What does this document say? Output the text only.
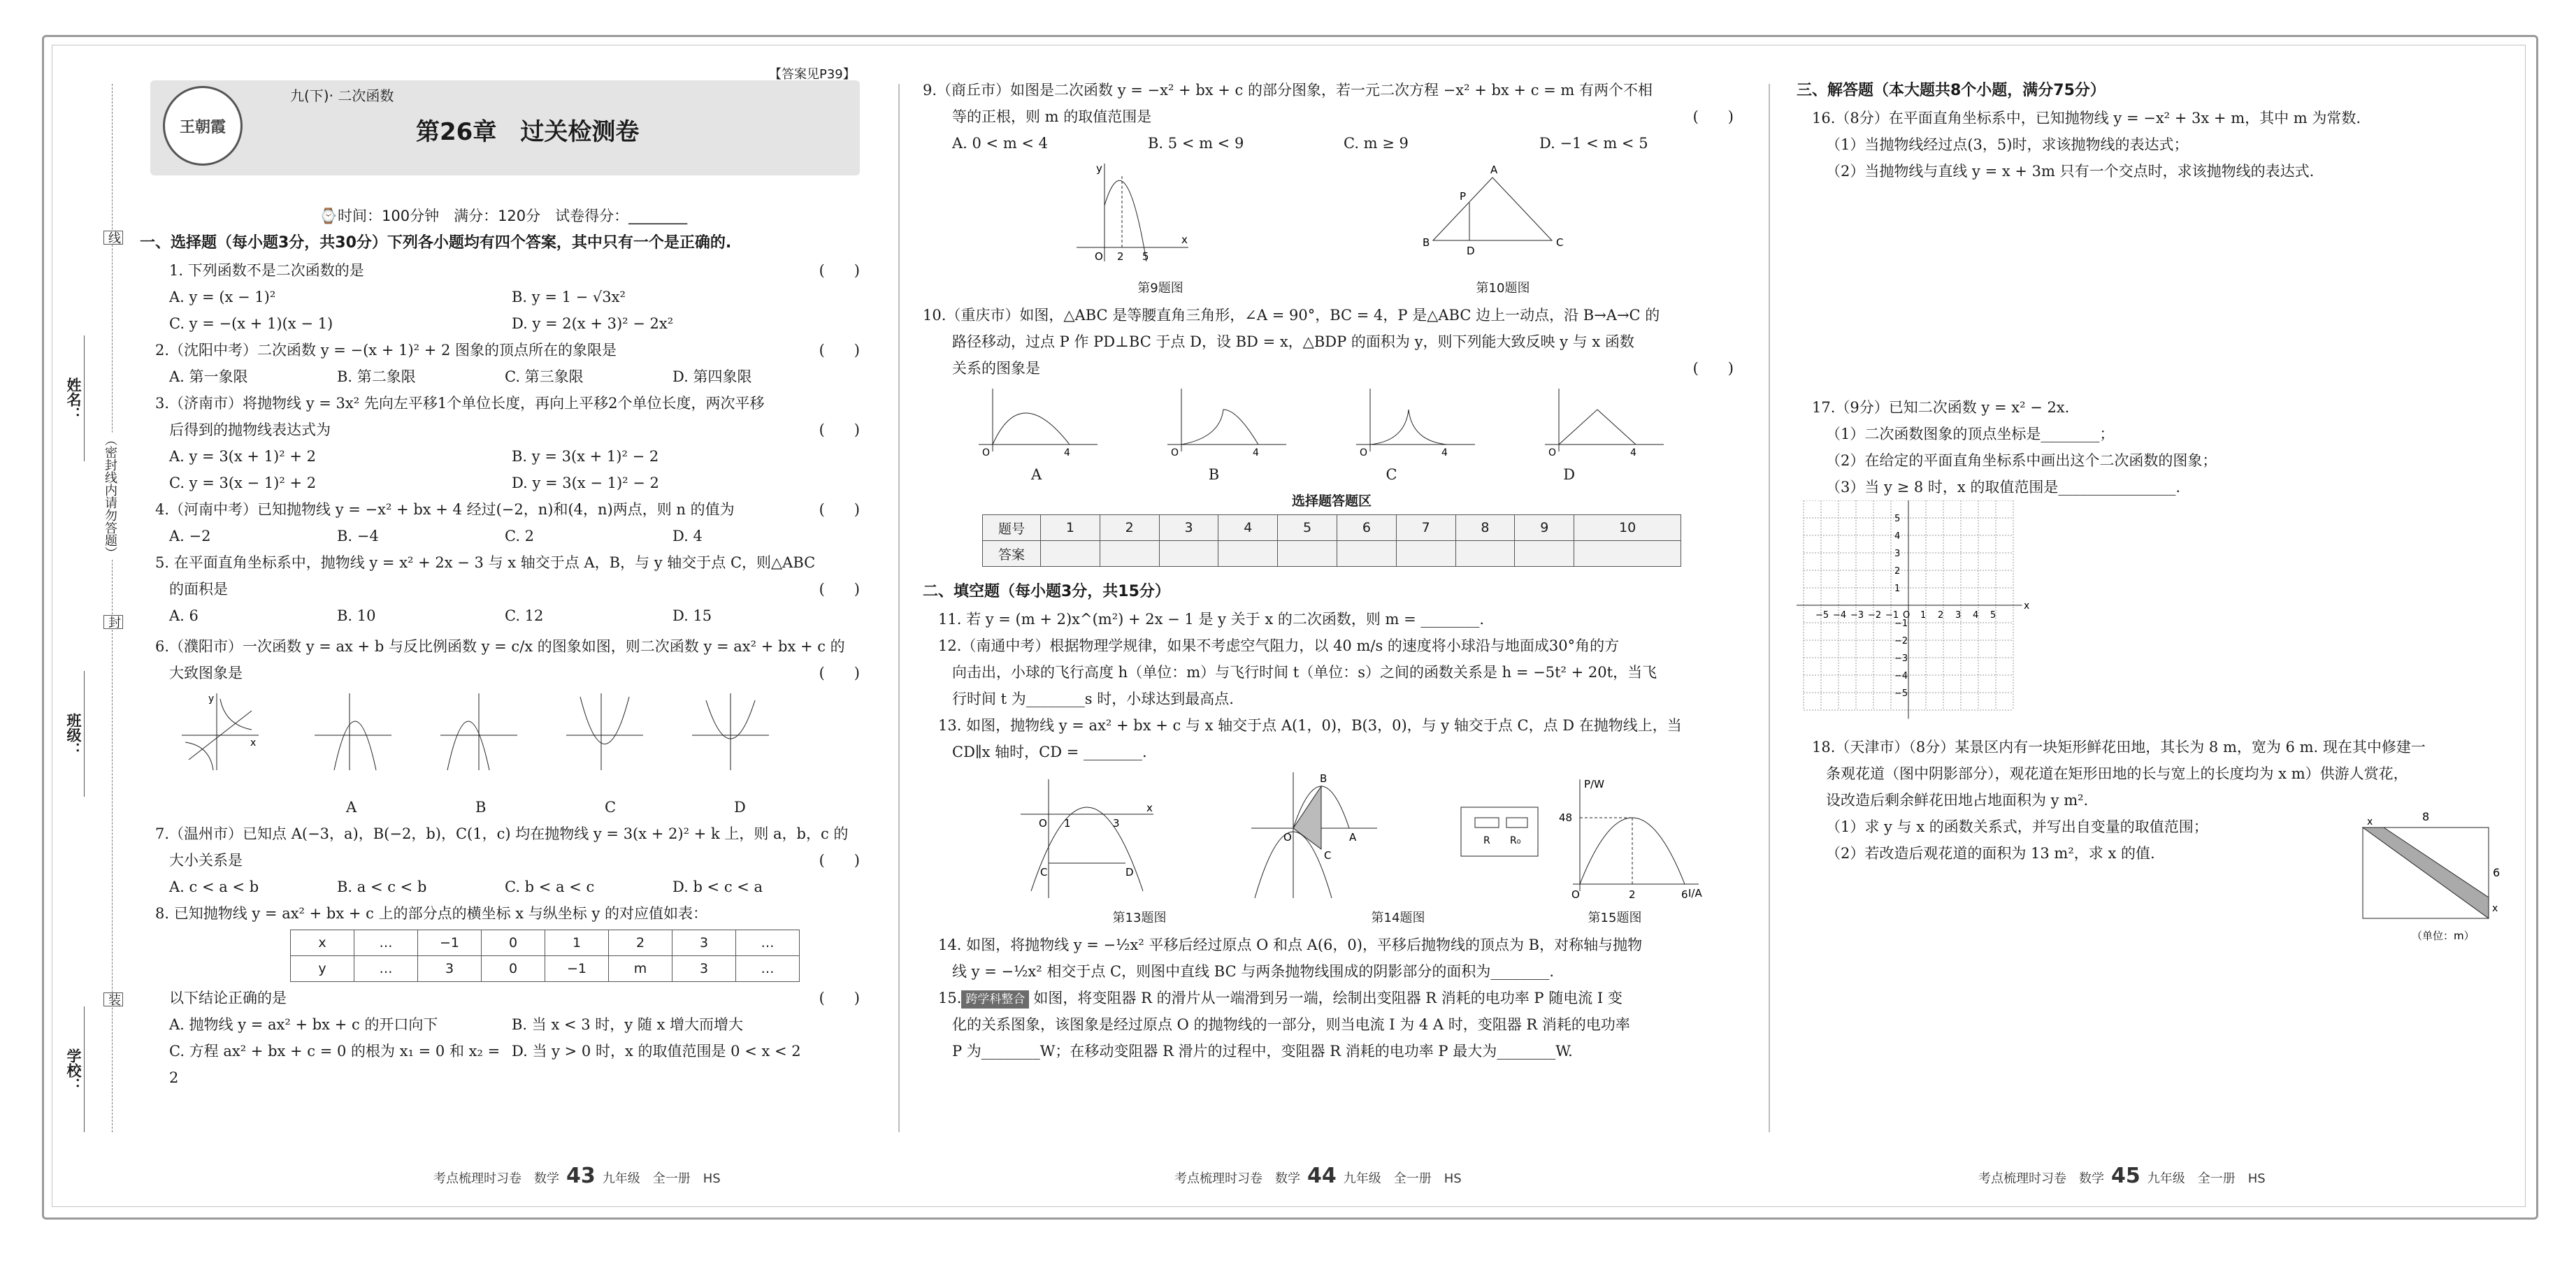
姓名：
班级：
学校：
线
封
装
（密封线内请勿答题）
王朝霞
九(下)· 二次函数
第26章　过关检测卷
【答案见P39】
⌚时间：100分钟　满分：120分　试卷得分：________
一、选择题（每小题3分，共30分）下列各小题均有四个答案，其中只有一个是正确的.
1. 下列函数不是二次函数的是	(　　)
A. y = (x − 1)²	B. y = 1 − √3x²
C. y = −(x + 1)(x − 1)	D. y = 2(x + 3)² − 2x²
2.（沈阳中考）二次函数 y = −(x + 1)² + 2 图象的顶点所在的象限是	(　　)
A. 第一象限	B. 第二象限	C. 第三象限	D. 第四象限
3.（济南市）将抛物线 y = 3x² 先向左平移1个单位长度，再向上平移2个单位长度，两次平移
后得到的抛物线表达式为	(　　)
A. y = 3(x + 1)² + 2	B. y = 3(x + 1)² − 2
C. y = 3(x − 1)² + 2	D. y = 3(x − 1)² − 2
4.（河南中考）已知抛物线 y = −x² + bx + 4 经过(−2，n)和(4，n)两点，则 n 的值为	(　　)
A. −2	B. −4	C. 2	D. 4
5. 在平面直角坐标系中，抛物线 y = x² + 2x − 3 与 x 轴交于点 A，B，与 y 轴交于点 C，则△ABC
的面积是	(　　)
A. 6	B. 10	C. 12	D. 15
6.（濮阳市）一次函数 y = ax + b 与反比例函数 y = c/x 的图象如图，则二次函数 y = ax² + bx + c 的
大致图象是	(　　)
x
y
A	B	C	D
7.（温州市）已知点 A(−3，a)，B(−2，b)，C(1，c) 均在抛物线 y = 3(x + 2)² + k 上，则 a，b，c 的
大小关系是	(　　)
A. c < a < b	B. a < c < b	C. b < a < c	D. b < c < a
8. 已知抛物线 y = ax² + bx + c 上的部分点的横坐标 x 与纵坐标 y 的对应值如表：
x	…	−1	0	1	2	3	…
y	…	3	0	−1	m	3	…
以下结论正确的是	(　　)
A. 抛物线 y = ax² + bx + c 的开口向下	B. 当 x < 3 时，y 随 x 增大而增大
C. 方程 ax² + bx + c = 0 的根为 x₁ = 0 和 x₂ = 2
D. 当 y > 0 时，x 的取值范围是 0 < x < 2
考点梳理时习卷　数学 43 九年级　全一册　HS
9.（商丘市）如图是二次函数 y = −x² + bx + c 的部分图象，若一元二次方程 −x² + bx + c = m 有两个不相
等的正根，则 m 的取值范围是	(　　)
A. 0 < m < 4	B. 5 < m < 9	C. m ≥ 9	D. −1 < m < 5
O 2 5
x
y
B
A
C
P
D
第9题图	第10题图
10.（重庆市）如图，△ABC 是等腰直角三角形，∠A = 90°，BC = 4，P 是△ABC 边上一动点，沿 B→A→C 的
路径移动，过点 P 作 PD⊥BC 于点 D，设 BD = x，△BDP 的面积为 y，则下列能大致反映 y 与 x 函数
关系的图象是	(　　)
O	4	O	4	O	4	O	4
A	B	C	D
选择题答题区
题号	1	2	3	4	5	6	7	8	9	10
答案										
二、填空题（每小题3分，共15分）
11. 若 y = (m + 2)x^(m²) + 2x − 1 是 y 关于 x 的二次函数，则 m = ________.
12.（南通中考）根据物理学规律，如果不考虑空气阻力，以 40 m/s 的速度将小球沿与地面成30°角的方
向击出，小球的飞行高度 h（单位：m）与飞行时间 t（单位：s）之间的函数关系是 h = −5t² + 20t，当飞
行时间 t 为________s 时，小球达到最高点.
13. 如图，抛物线 y = ax² + bx + c 与 x 轴交于点 A(1，0)，B(3，0)，与 y 轴交于点 C，点 D 在抛物线上，当
CD∥x 轴时，CD = ________.
O 1	3
C	D
x
B
C
O	A	R R₀
48
O	2	6 I/A
P/W
第13题图	第14题图	第15题图
14. 如图，将抛物线 y = −½x² 平移后经过原点 O 和点 A(6，0)，平移后抛物线的顶点为 B，对称轴与抛物
线 y = −½x² 相交于点 C，则图中直线 BC 与两条抛物线围成的阴影部分的面积为________.
15. 跨学科整合 如图，将变阻器 R 的滑片从一端滑到另一端，绘制出变阻器 R 消耗的电功率 P 随电流 I 变
化的关系图象，该图象是经过原点 O 的抛物线的一部分，则当电流 I 为 4 A 时，变阻器 R 消耗的电功率
P 为________W；在移动变阻器 R 滑片的过程中，变阻器 R 消耗的电功率 P 最大为________W.
考点梳理时习卷　数学 44 九年级　全一册　HS
三、解答题（本大题共8个小题，满分75分）
16.（8分）在平面直角坐标系中，已知抛物线 y = −x² + 3x + m，其中 m 为常数.
（1）当抛物线经过点(3，5)时，求该抛物线的表达式；
（2）当抛物线与直线 y = x + 3m 只有一个交点时，求该抛物线的表达式.
17.（9分）已知二次函数 y = x² − 2x.
（1）二次函数图象的顶点坐标是________；
（2）在给定的平面直角坐标系中画出这个二次函数的图象；
（3）当 y ≥ 8 时，x 的取值范围是________________.
−5 −4 −3 −2 −1 O 1 2 3 4 5
5
4
3
2
1
−1
−2
−3
−4
−5
x
18.（天津市）（8分）某景区内有一块矩形鲜花田地，其长为 8 m，宽为 6 m. 现在其中修建一
条观花道（图中阴影部分），观花道在矩形田地的长与宽上的长度均为 x m）供游人赏花，
设改造后剩余鲜花田地占地面积为 y m².
（1）求 y 与 x 的函数关系式，并写出自变量的取值范围；
（2）若改造后观花道的面积为 13 m²，求 x 的值.
8
6
x
x
（单位：m）
考点梳理时习卷　数学 45 九年级　全一册　HS
